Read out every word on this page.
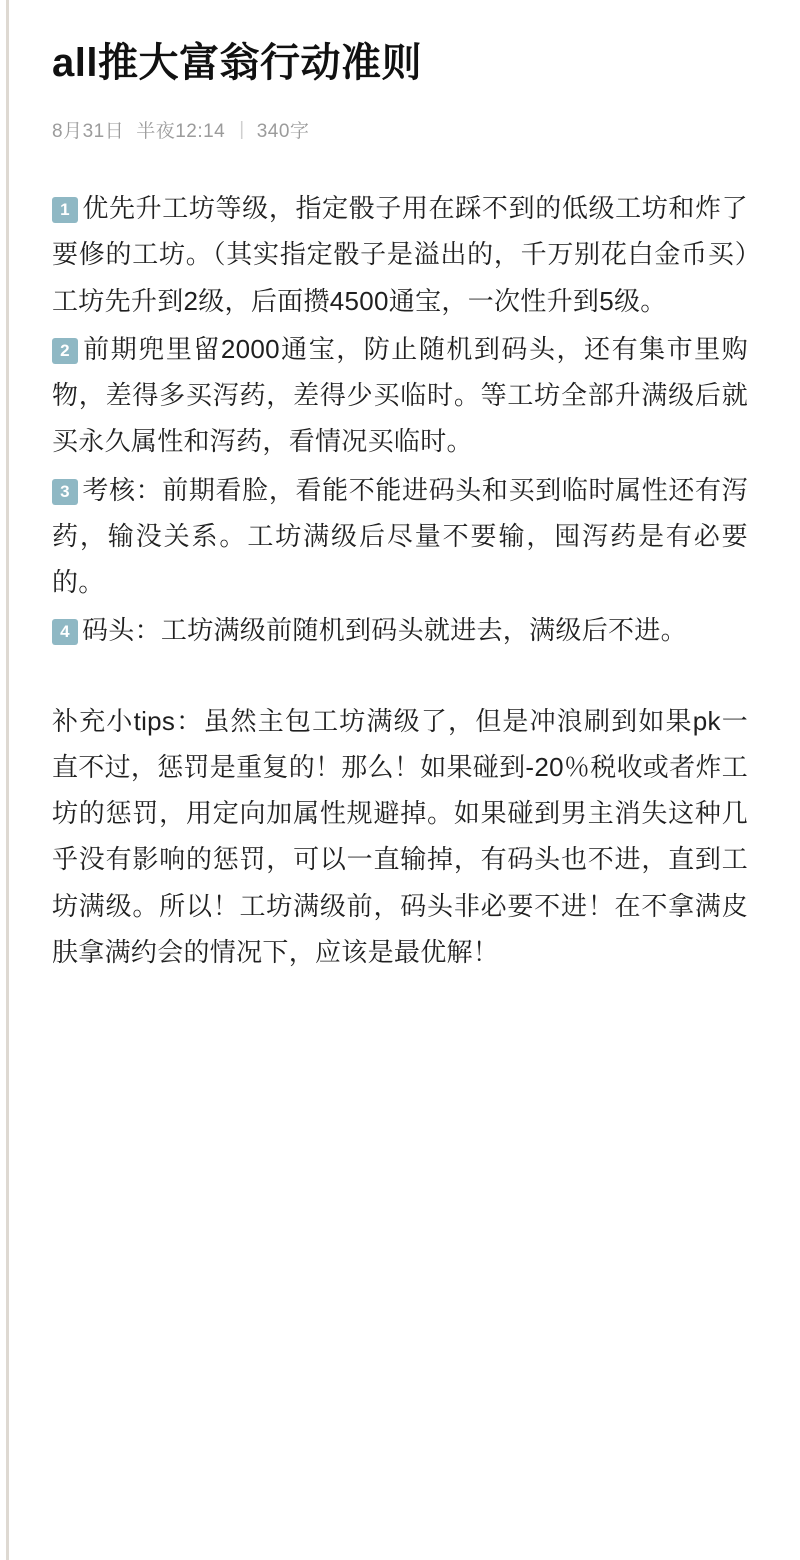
all推大富翁行动准则
8月31日 半夜12:14 | 340字

1 优先升工坊等级，指定骰子用在踩不到的低级工坊和炸了要修的工坊。（其实指定骰子是溢出的，千万别花白金币买）工坊先升到2级，后面攒4500通宝，一次性升到5级。

2 前期兜里留2000通宝，防止随机到码头，还有集市里购物，差得多买泻药，差得少买临时。等工坊全部升满级后就买永久属性和泻药，看情况买临时。

3 考核：前期看脸，看能不能进码头和买到临时属性还有泻药，输没关系。工坊满级后尽量不要输，囤泻药是有必要的。

4 码头：工坊满级前随机到码头就进去，满级后不进。

补充小tips：虽然主包工坊满级了，但是冲浪刷到如果pk一直不过，惩罚是重复的！那么！如果碰到-20％税收或者炸工坊的惩罚，用定向加属性规避掉。如果碰到男主消失这种几乎没有影响的惩罚，可以一直输掉，有码头也不进，直到工坊满级。所以！工坊满级前，码头非必要不进！在不拿满皮肤拿满约会的情况下，应该是最优解！
